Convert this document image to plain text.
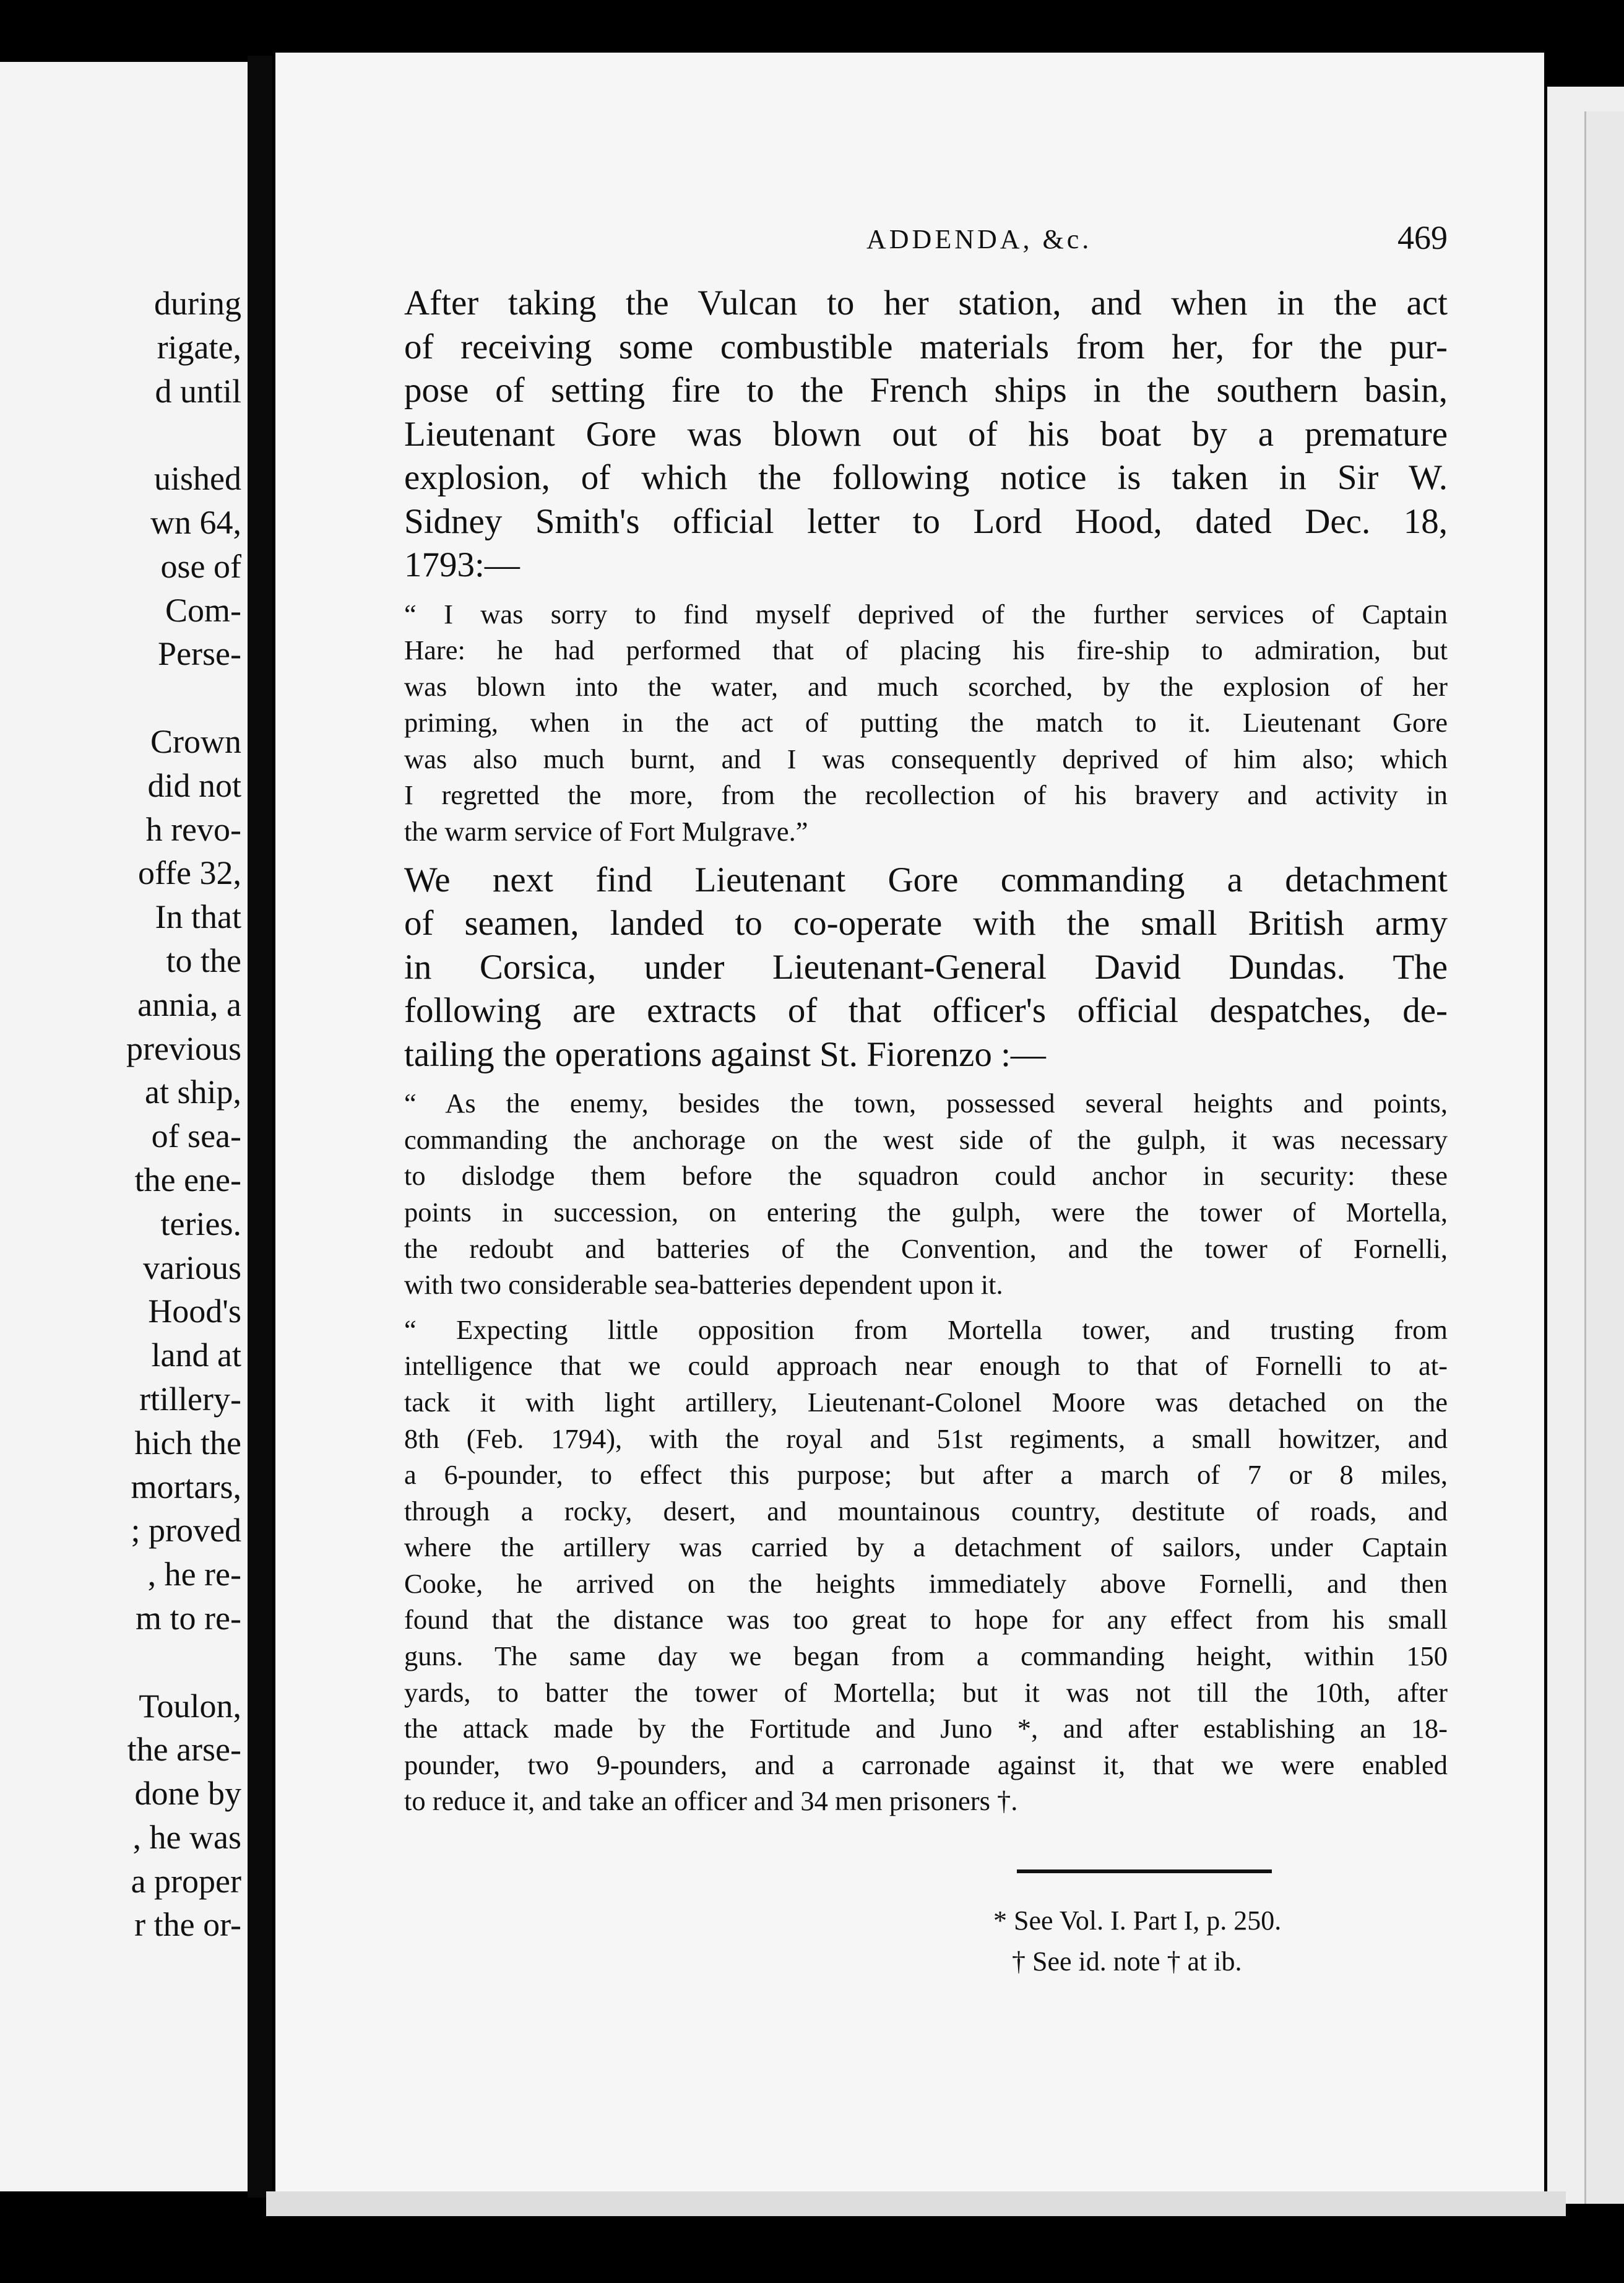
during
rigate,
d until
uished
wn 64,
ose of
Com-
Perse-
Crown
did not
h revo-
offe 32,
In that
to the
annia, a
previous
at ship,
of sea-
the ene-
teries.
various
Hood's
land at
rtillery-
hich the
mortars,
; proved
, he re-
m to re-
Toulon,
the arse-
done by
, he was
a proper
r the or-
ADDENDA, &c.	469
After taking the Vulcan to her station, and when in the act
of receiving some combustible materials from her, for the pur-
pose of setting fire to the French ships in the southern basin,
Lieutenant Gore was blown out of his boat by a premature
explosion, of which the following notice is taken in Sir W.
Sidney Smith's official letter to Lord Hood, dated Dec. 18,
1793:—
“ I was sorry to find myself deprived of the further services of Captain
Hare: he had performed that of placing his fire-ship to admiration, but
was blown into the water, and much scorched, by the explosion of her
priming, when in the act of putting the match to it. Lieutenant Gore
was also much burnt, and I was consequently deprived of him also; which
I regretted the more, from the recollection of his bravery and activity in
the warm service of Fort Mulgrave.”
We next find Lieutenant Gore commanding a detachment
of seamen, landed to co-operate with the small British army
in Corsica, under Lieutenant-General David Dundas. The
following are extracts of that officer's official despatches, de-
tailing the operations against St. Fiorenzo :—
“ As the enemy, besides the town, possessed several heights and points,
commanding the anchorage on the west side of the gulph, it was necessary
to dislodge them before the squadron could anchor in security: these
points in succession, on entering the gulph, were the tower of Mortella,
the redoubt and batteries of the Convention, and the tower of Fornelli,
with two considerable sea-batteries dependent upon it.
“ Expecting little opposition from Mortella tower, and trusting from
intelligence that we could approach near enough to that of Fornelli to at-
tack it with light artillery, Lieutenant-Colonel Moore was detached on the
8th (Feb. 1794), with the royal and 51st regiments, a small howitzer, and
a 6-pounder, to effect this purpose; but after a march of 7 or 8 miles,
through a rocky, desert, and mountainous country, destitute of roads, and
where the artillery was carried by a detachment of sailors, under Captain
Cooke, he arrived on the heights immediately above Fornelli, and then
found that the distance was too great to hope for any effect from his small
guns. The same day we began from a commanding height, within 150
yards, to batter the tower of Mortella; but it was not till the 10th, after
the attack made by the Fortitude and Juno *, and after establishing an 18-
pounder, two 9-pounders, and a carronade against it, that we were enabled
to reduce it, and take an officer and 34 men prisoners †.
* See Vol. I. Part I, p. 250.
† See id. note † at ib.
